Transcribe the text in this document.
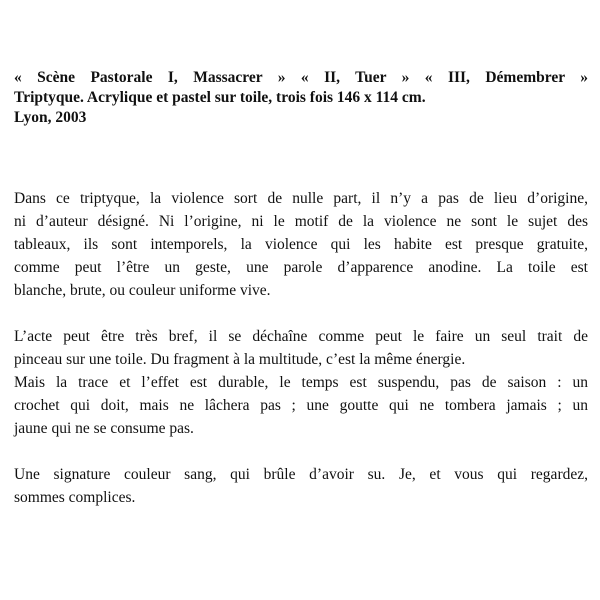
« Scène Pastorale I, Massacrer » « II, Tuer » « III, Démembrer »

Triptyque. Acrylique et pastel sur toile, trois fois 146 x 114 cm.

Lyon, 2003

Dans ce triptyque, la violence sort de nulle part, il n’y a pas de lieu d’origine,
ni d’auteur désigné. Ni l’origine, ni le motif de la violence ne sont le sujet des
tableaux, ils sont intemporels, la violence qui les habite est presque gratuite,
comme peut l’être un geste, une parole d’apparence anodine. La toile est
blanche, brute, ou couleur uniforme vive.

L’acte peut être très bref, il se déchaîne comme peut le faire un seul trait de
pinceau sur une toile. Du fragment à la multitude, c’est la même énergie.
Mais la trace et l’effet est durable, le temps est suspendu, pas de saison : un
crochet qui doit, mais ne lâchera pas ; une goutte qui ne tombera jamais ; un
jaune qui ne se consume pas.

Une signature couleur sang, qui brûle d’avoir su. Je, et vous qui regardez,
sommes complices.
